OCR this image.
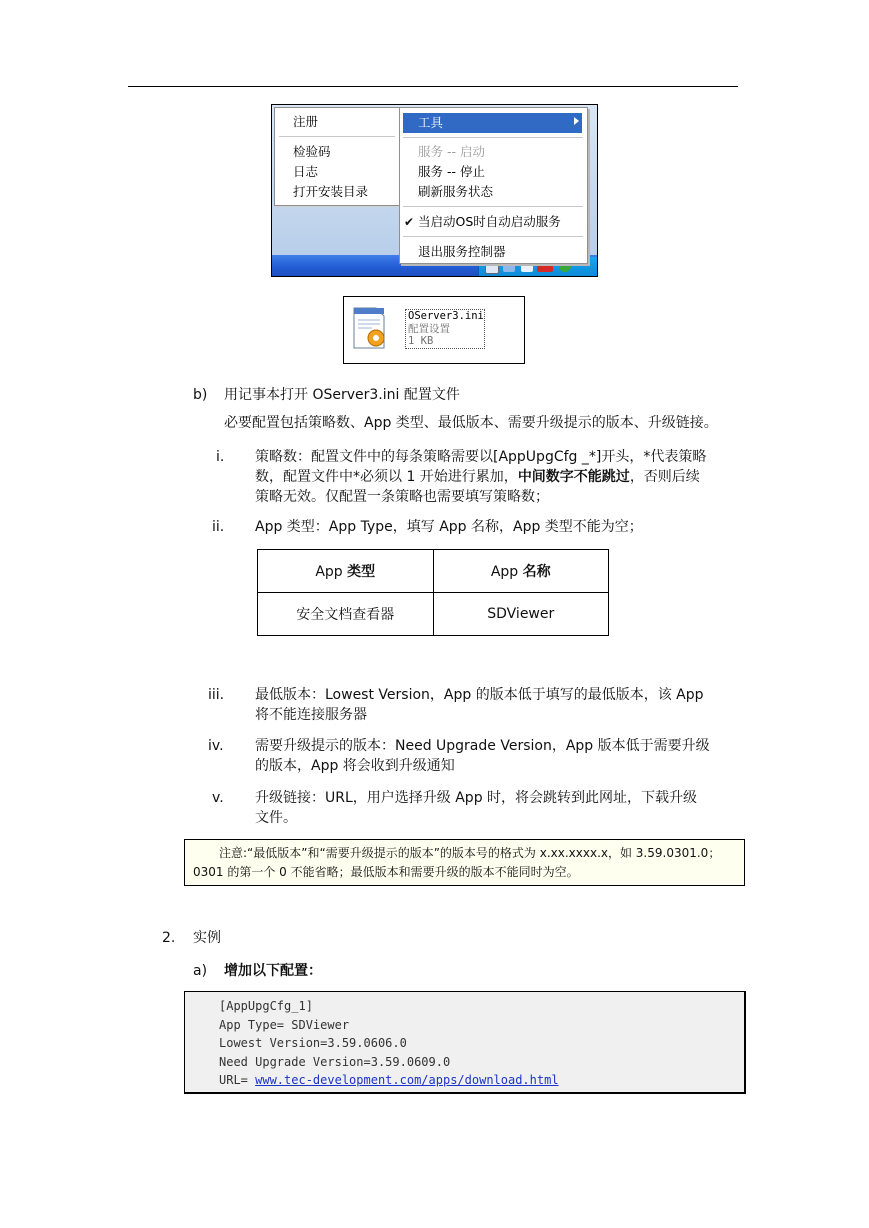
注册
检验码
日志
打开安装目录
工具
服务 -- 启动
服务 -- 停止
刷新服务状态
✔ 当启动OS时自动启动服务
退出服务控制器
OServer3.ini
配置设置
1 KB
b) 用记事本打开 OServer3.ini 配置文件
必要配置包括策略数、App 类型、最低版本、需要升级提示的版本、升级链接。
i. 策略数：配置文件中的每条策略需要以[AppUpgCfg _*]开头，*代表策略
数，配置文件中*必须以 1 开始进行累加，中间数字不能跳过，否则后续
策略无效。仅配置一条策略也需要填写策略数；
ii. App 类型：App Type，填写 App 名称，App 类型不能为空；
App 类型	App 名称
安全文档查看器	SDViewer
iii. 最低版本：Lowest Version，App 的版本低于填写的最低版本，该 App
将不能连接服务器
iv. 需要升级提示的版本：Need Upgrade Version，App 版本低于需要升级
的版本，App 将会收到升级通知
v. 升级链接：URL，用户选择升级 App 时，将会跳转到此网址，下载升级
文件。
注意:“最低版本”和“需要升级提示的版本”的版本号的格式为 x.xx.xxxx.x，如 3.59.0301.0；
0301 的第一个 0 不能省略；最低版本和需要升级的版本不能同时为空。
2. 实例
a) 增加以下配置：
[AppUpgCfg_1]
App Type= SDViewer
Lowest Version=3.59.0606.0
Need Upgrade Version=3.59.0609.0
URL= www.tec-development.com/apps/download.html
